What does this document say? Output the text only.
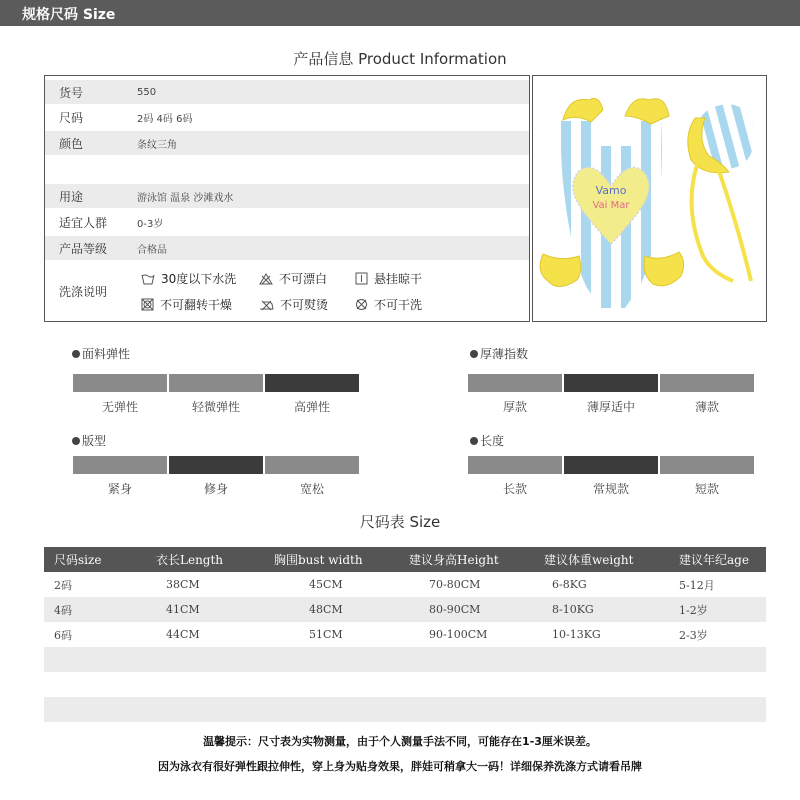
规格尺码 Size
产品信息 Product Information
货号	550
尺码	2码 4码 6码
颜色	条纹三角
用途	游泳馆 温泉 沙滩戏水
适宜人群	0-3岁
产品等级	合格品
洗涤说明
30度以下水洗	不可漂白	悬挂晾干
不可翻转干燥	不可熨烫	不可干洗
Vamo
Vai Mar
面料弹性
无弹性	轻微弹性	高弹性
厚薄指数
厚款	薄厚适中	薄款
版型
紧身	修身	宽松
长度
长款	常规款	短款
尺码表 Size
尺码size	衣长Length	胸围bust width	建议身高Height	建议体重weight	建议年纪age
2码	38CM	45CM	70-80CM	6-8KG	5-12月
4码	41CM	48CM	80-90CM	8-10KG	1-2岁
6码	44CM	51CM	90-100CM	10-13KG	2-3岁
温馨提示：尺寸表为实物测量，由于个人测量手法不同，可能存在1-3厘米误差。
因为泳衣有很好弹性跟拉伸性，穿上身为贴身效果，胖娃可稍拿大一码！详细保养洗涤方式请看吊牌
